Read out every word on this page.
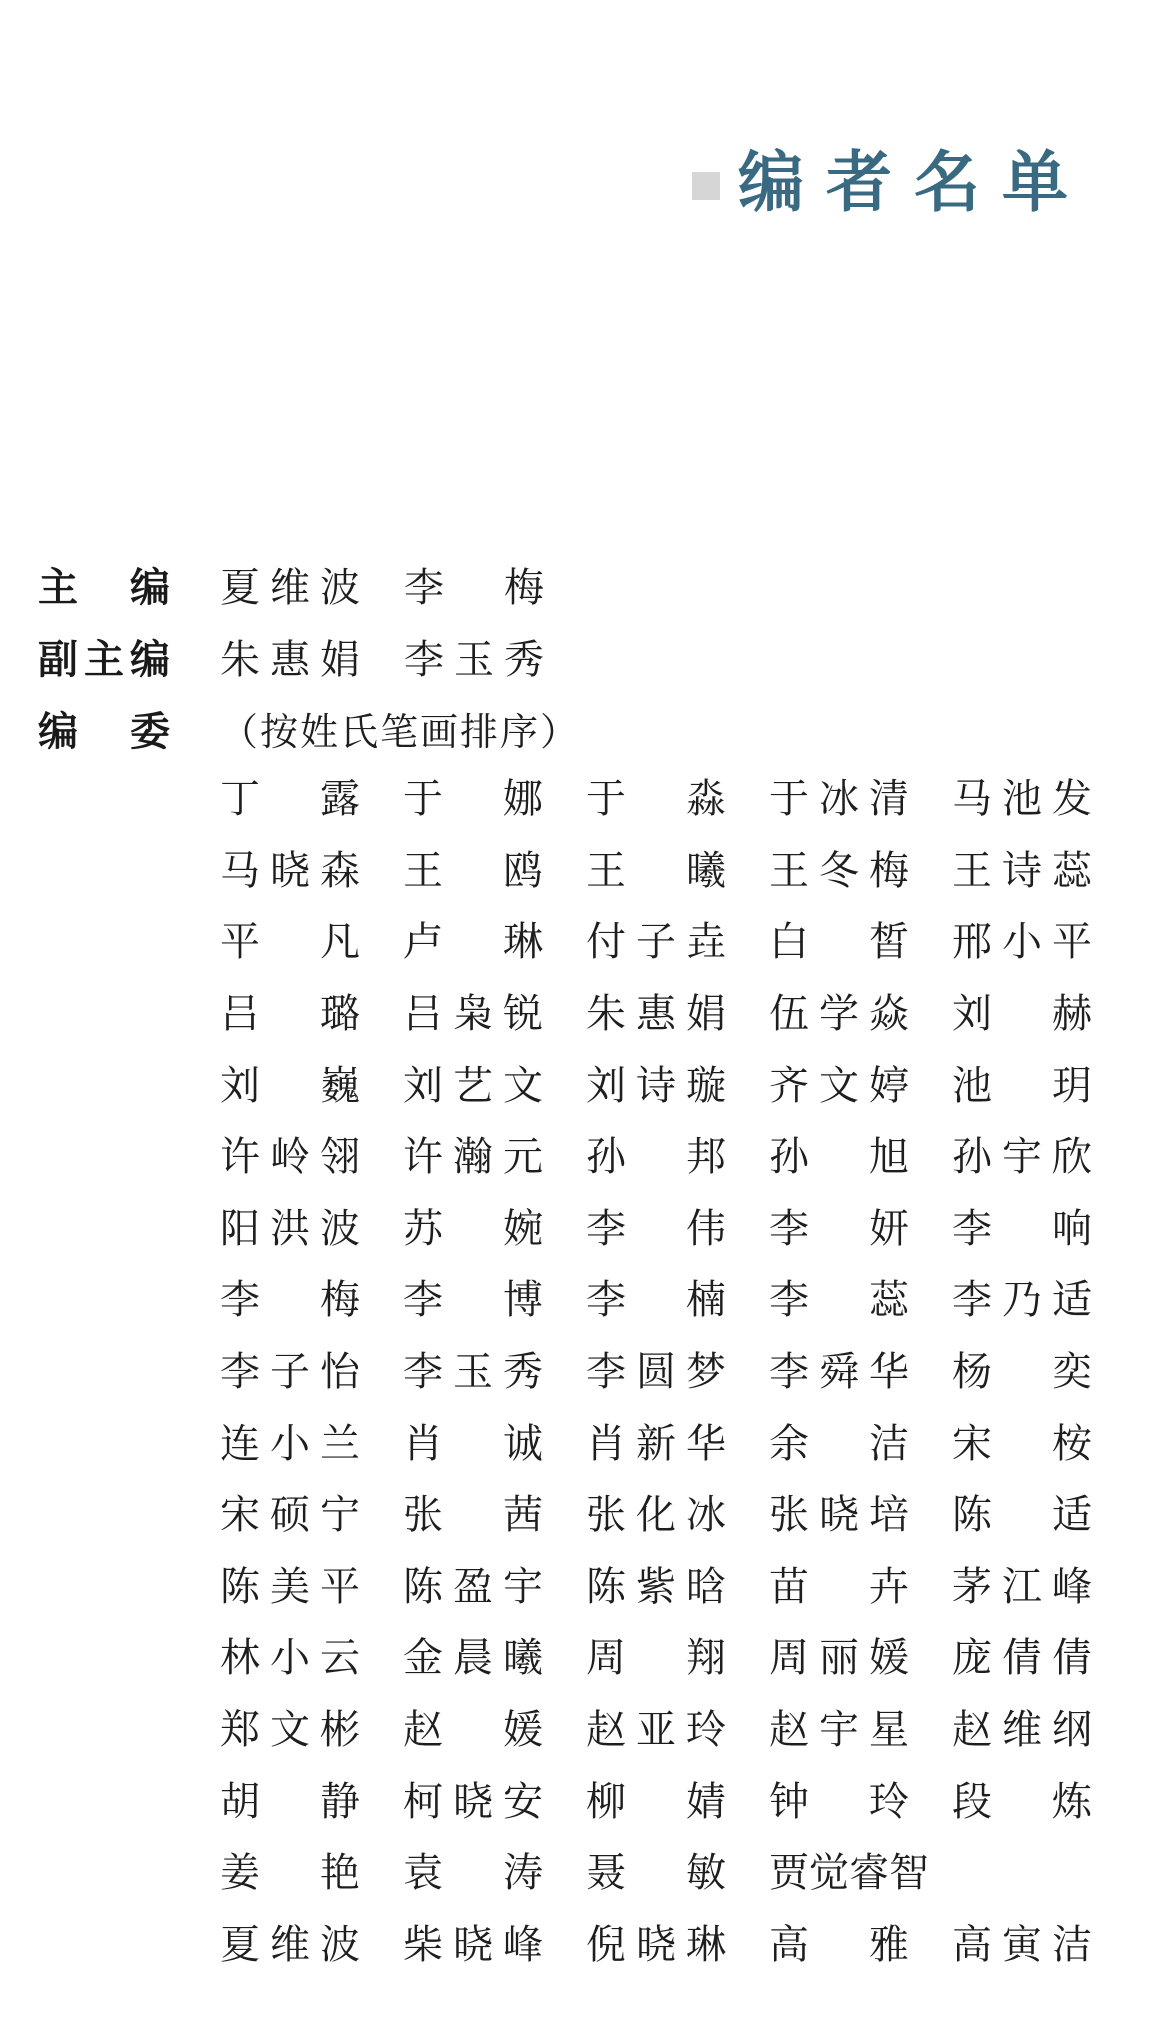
编者名单
主 编 夏 维 波 李 梅
副 主 编 朱 惠 娟 李 玉 秀
编 委 （按姓氏笔画排序）
丁 露 于 娜 于 淼 于 冰 清 马 池 发
马 晓 森 王 鸥 王 曦 王 冬 梅 王 诗 蕊
平 凡 卢 琳 付 子 垚 白 皙 邢 小 平
吕 璐 吕 枭 锐 朱 惠 娟 伍 学 焱 刘 赫
刘 巍 刘 艺 文 刘 诗 璇 齐 文 婷 池 玥
许 岭 翎 许 瀚 元 孙 邦 孙 旭 孙 宇 欣
阳 洪 波 苏 婉 李 伟 李 妍 李 响
李 梅 李 博 李 楠 李 蕊 李 乃 适
李 子 怡 李 玉 秀 李 圆 梦 李 舜 华 杨 奕
连 小 兰 肖 诚 肖 新 华 余 洁 宋 桉
宋 硕 宁 张 茜 张 化 冰 张 晓 培 陈 适
陈 美 平 陈 盈 宇 陈 紫 晗 苗 卉 茅 江 峰
林 小 云 金 晨 曦 周 翔 周 丽 媛 庞 倩 倩
郑 文 彬 赵 媛 赵 亚 玲 赵 宇 星 赵 维 纲
胡 静 柯 晓 安 柳 婧 钟 玲 段 炼
姜 艳 袁 涛 聂 敏 贾觉睿智
夏 维 波 柴 晓 峰 倪 晓 琳 高 雅 高 寅 洁
